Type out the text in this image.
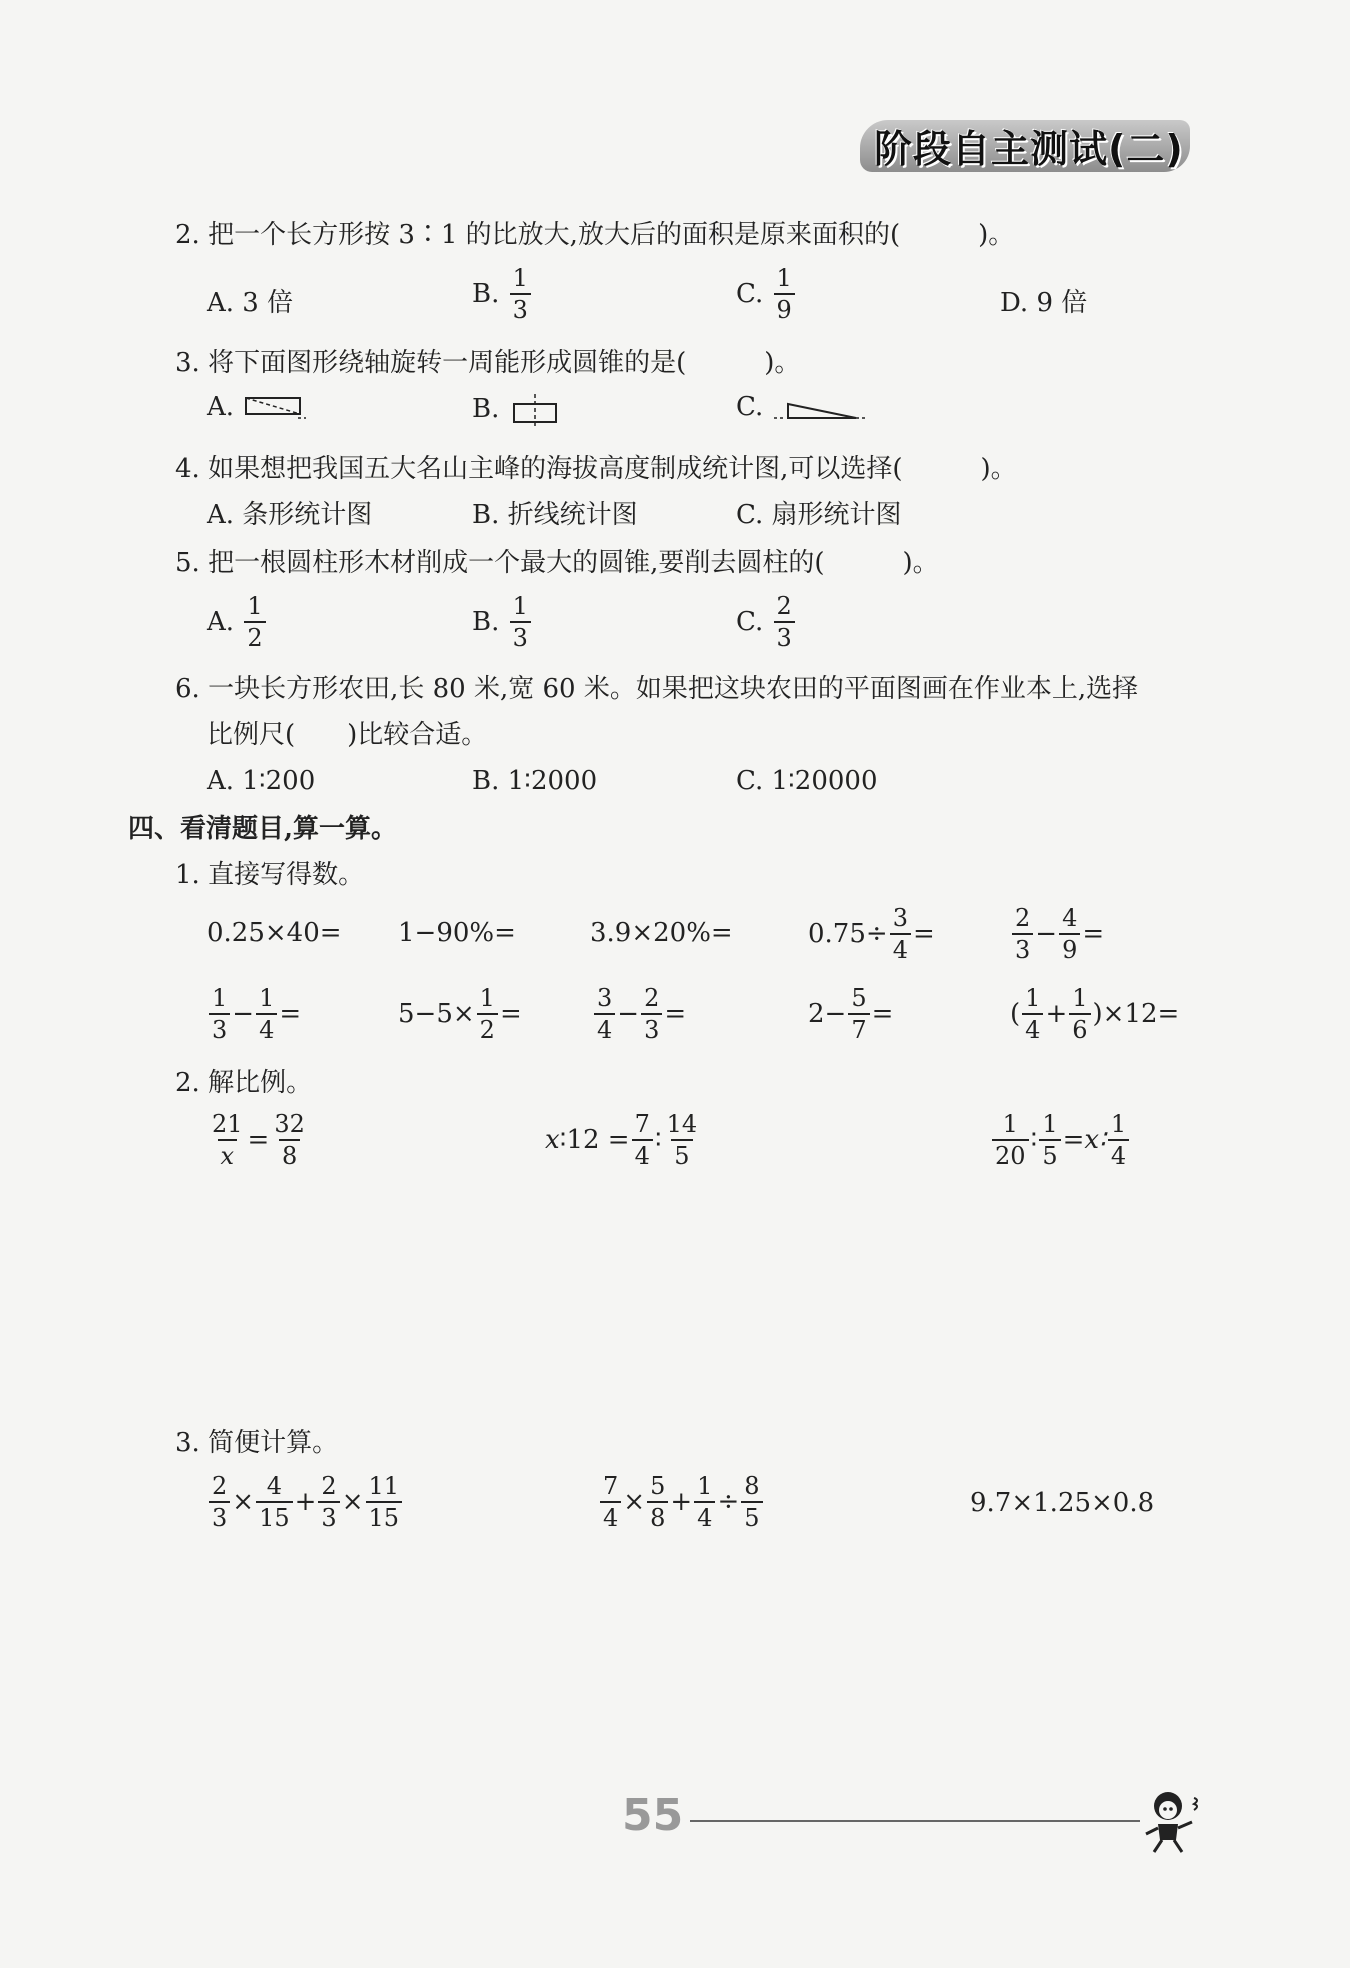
阶段自主测试(二)
2. 把一个长方形按 3∶1 的比放大,放大后的面积是原来面积的(　　　)。
A. 3 倍	B.
$\frac{1}{3}$	C.
$\frac{1}{9}$	D. 9 倍
3. 将下面图形绕轴旋转一周能形成圆锥的是(　　　)。
A.
	B.
	C.

4. 如果想把我国五大名山主峰的海拔高度制成统计图,可以选择(　　　)。
A. 条形统计图	B. 折线统计图	C. 扇形统计图
5. 把一根圆柱形木材削成一个最大的圆锥,要削去圆柱的(　　　)。
A.
$\frac{1}{2}$	B.
$\frac{1}{3}$	C.
$\frac{2}{3}$
6. 一块长方形农田,长 80 米,宽 60 米。如果把这块农田的平面图画在作业本上,选择
比例尺(　　)比较合适。
A. 1∶200	B. 1∶2000	C. 1∶20000
四、看清题目,算一算。
1. 直接写得数。
0.25×40= 1−90%=	3.9×20%=	$0.75\div \frac{3}{4}$ =	$\frac{2}{3} - \frac{4}{9}$ =
$\frac{1}{3} - \frac{1}{4}$ =	$5-5\times \frac{1}{2}$ =	$\frac{3}{4} - \frac{2}{3}$ =	$2- \frac{5}{7}$ =	( $\frac{1}{4} + \frac{1}{6} )\times 12=$
2. 解比例。
$\frac{21}{x} = \frac{32}{8}$	x ∶12 = $\frac{7}{4}$ ∶ $\frac{14}{5}$	$\frac{1}{20}$ ∶ $\frac{1}{5}$ =x∶ $\frac{1}{4}$
3. 简便计算。
$\frac{2}{3} \times \frac{4}{15} + \frac{2}{3} \times \frac{11}{15}$	$\frac{7}{4} \times \frac{5}{8} + \frac{1}{4} \div \frac{8}{5}$	9.7×1.25×0.8
55
